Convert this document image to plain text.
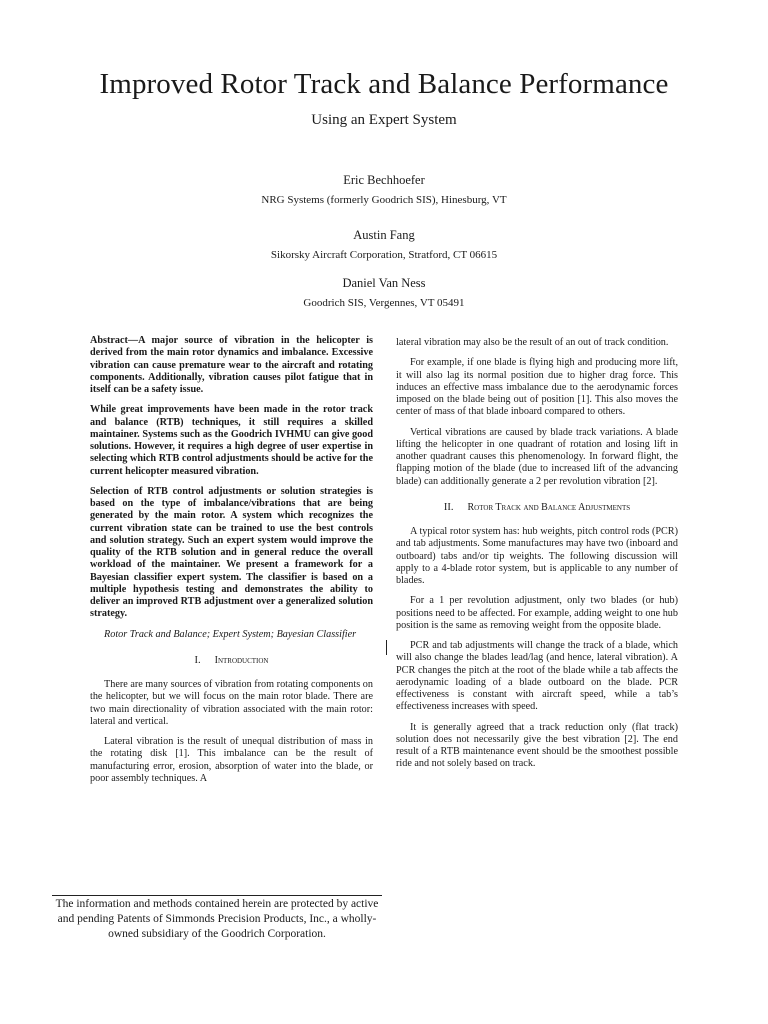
Improved Rotor Track and Balance Performance
Using an Expert System
Eric Bechhoefer
NRG Systems (formerly Goodrich SIS), Hinesburg, VT
Austin Fang
Sikorsky Aircraft Corporation, Stratford, CT 06615
Daniel Van Ness
Goodrich SIS, Vergennes, VT 05491

Abstract—A major source of vibration in the helicopter is derived from the main rotor dynamics and imbalance. Excessive vibration can cause premature wear to the aircraft and rotating components. Additionally, vibration causes pilot fatigue that in itself can be a safety issue.

While great improvements have been made in the rotor track and balance (RTB) techniques, it still requires a skilled maintainer. Systems such as the Goodrich IVHMU can give good solutions. However, it requires a high degree of user expertise in selecting which RTB control adjustments should be active for the current helicopter measured vibration.

Selection of RTB control adjustments or solution strategies is based on the type of imbalance/vibrations that are being generated by the main rotor. A system which recognizes the current vibration state can be trained to use the best controls and solution strategy. Such an expert system would improve the quality of the RTB solution and in general reduce the overall workload of the maintainer. We present a framework for a Bayesian classifier expert system. The classifier is based on a multiple hypothesis testing and demonstrates the ability to deliver an improved RTB adjustment over a generalized solution strategy.

Rotor Track and Balance; Expert System; Bayesian Classifier

I. Introduction

There are many sources of vibration from rotating components on the helicopter, but we will focus on the main rotor blade. There are two main directionality of vibration associated with the main rotor: lateral and vertical.

Lateral vibration is the result of unequal distribution of mass in the rotating disk [1]. This imbalance can be the result of manufacturing error, erosion, absorption of water into the blade, or poor assembly techniques. A

lateral vibration may also be the result of an out of track condition.

For example, if one blade is flying high and producing more lift, it will also lag its normal position due to higher drag force. This induces an effective mass imbalance due to the aerodynamic forces imposed on the blade being out of position [1]. This also moves the center of mass of that blade inboard compared to others.

Vertical vibrations are caused by blade track variations. A blade lifting the helicopter in one quadrant of rotation and losing lift in another quadrant causes this phenomenology. In forward flight, the flapping motion of the blade (due to increased lift of the advancing blade) can additionally generate a 2 per revolution vibration [2].

II. Rotor Track and Balance Adjustments

A typical rotor system has: hub weights, pitch control rods (PCR) and tab adjustments. Some manufactures may have two (inboard and outboard) tabs and/or tip weights. The following discussion will apply to a 4-blade rotor system, but is applicable to any number of blades.

For a 1 per revolution adjustment, only two blades (or hub) positions need to be affected. For example, adding weight to one hub position is the same as removing weight from the opposite blade.

PCR and tab adjustments will change the track of a blade, which will also change the blades lead/lag (and hence, lateral vibration). A PCR changes the pitch at the root of the blade while a tab affects the aerodynamic loading of a blade outboard on the blade. PCR effectiveness is constant with aircraft speed, while a tab’s effectiveness increases with speed.

It is generally agreed that a track reduction only (flat track) solution does not necessarily give the best vibration [2]. The end result of a RTB maintenance event should be the smoothest possible ride and not solely based on track.

The information and methods contained herein are protected by active and pending Patents of Simmonds Precision Products, Inc., a wholly-owned subsidiary of the Goodrich Corporation.
